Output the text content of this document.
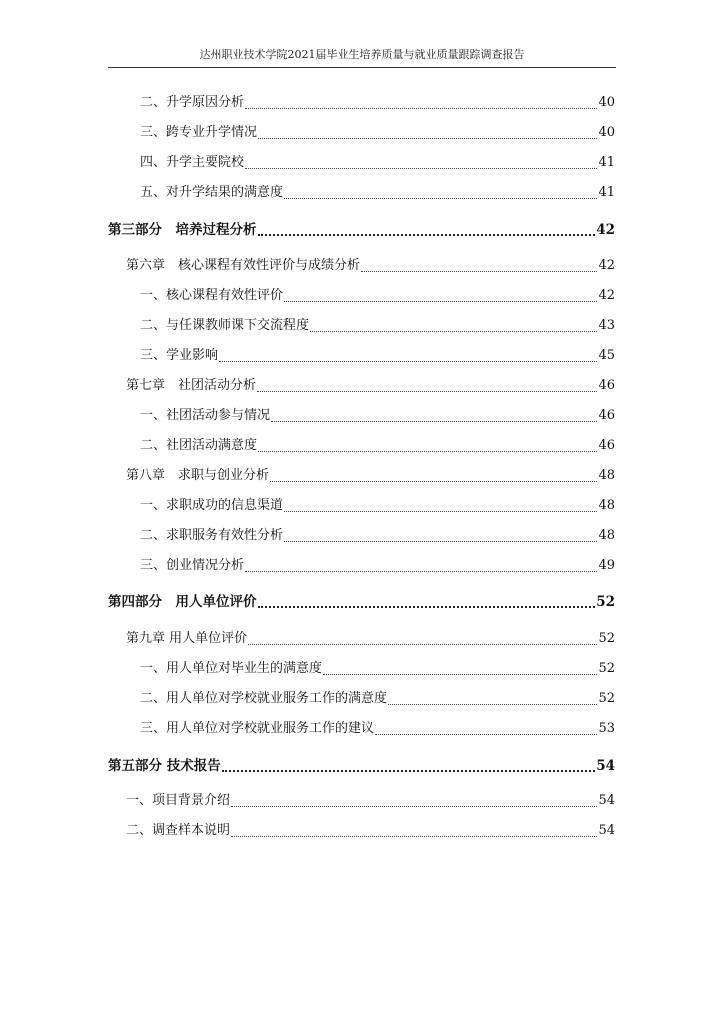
达州职业技术学院2021届毕业生培养质量与就业质量跟踪调查报告
二、升学原因分析	40
三、跨专业升学情况	40
四、升学主要院校	41
五、对升学结果的满意度	41
第三部分　培养过程分析	42
第六章　核心课程有效性评价与成绩分析	42
一、核心课程有效性评价	42
二、与任课教师课下交流程度	43
三、学业影响	45
第七章　社团活动分析	46
一、社团活动参与情况	46
二、社团活动满意度	46
第八章　求职与创业分析	48
一、求职成功的信息渠道	48
二、求职服务有效性分析	48
三、创业情况分析	49
第四部分　用人单位评价	52
第九章 用人单位评价	52
一、用人单位对毕业生的满意度	52
二、用人单位对学校就业服务工作的满意度	52
三、用人单位对学校就业服务工作的建议	53
第五部分 技术报告	54
一、项目背景介绍	54
二、调查样本说明	54
